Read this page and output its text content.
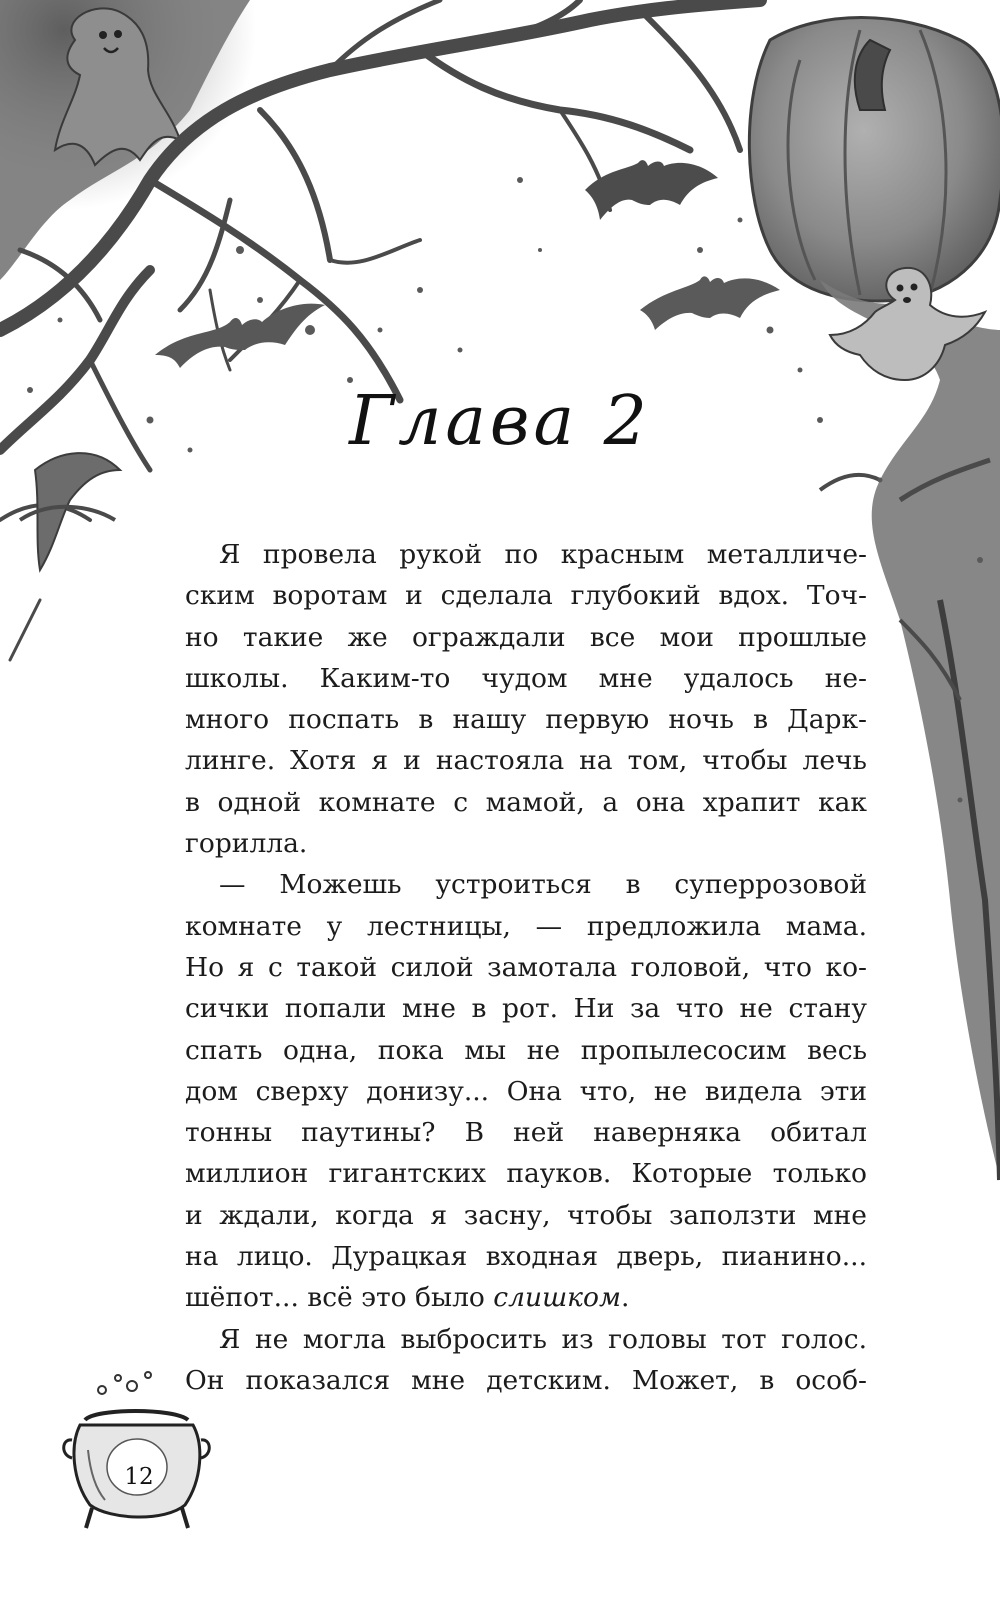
Глава 2
Я провела рукой по красным металличе-
ским воротам и сделала глубокий вдох. Точ-
но такие же ограждали все мои прошлые
школы. Каким-то чудом мне удалось не-
много поспать в нашу первую ночь в Дарк-
линге. Хотя я и настояла на том, чтобы лечь
в одной комнате с мамой, а она храпит как
горилла.
— Можешь устроиться в суперрозовой
комнате у лестницы, — предложила мама.
Но я с такой силой замотала головой, что ко-
сички попали мне в рот. Ни за что не стану
спать одна, пока мы не пропылесосим весь
дом сверху донизу... Она что, не видела эти
тонны паутины? В ней наверняка обитал
миллион гигантских пауков. Которые только
и ждали, когда я засну, чтобы заползти мне
на лицо. Дурацкая входная дверь, пианино...
шёпот... всё это было слишком.
Я не могла выбросить из головы тот голос.
Он показался мне детским. Может, в особ-
12
